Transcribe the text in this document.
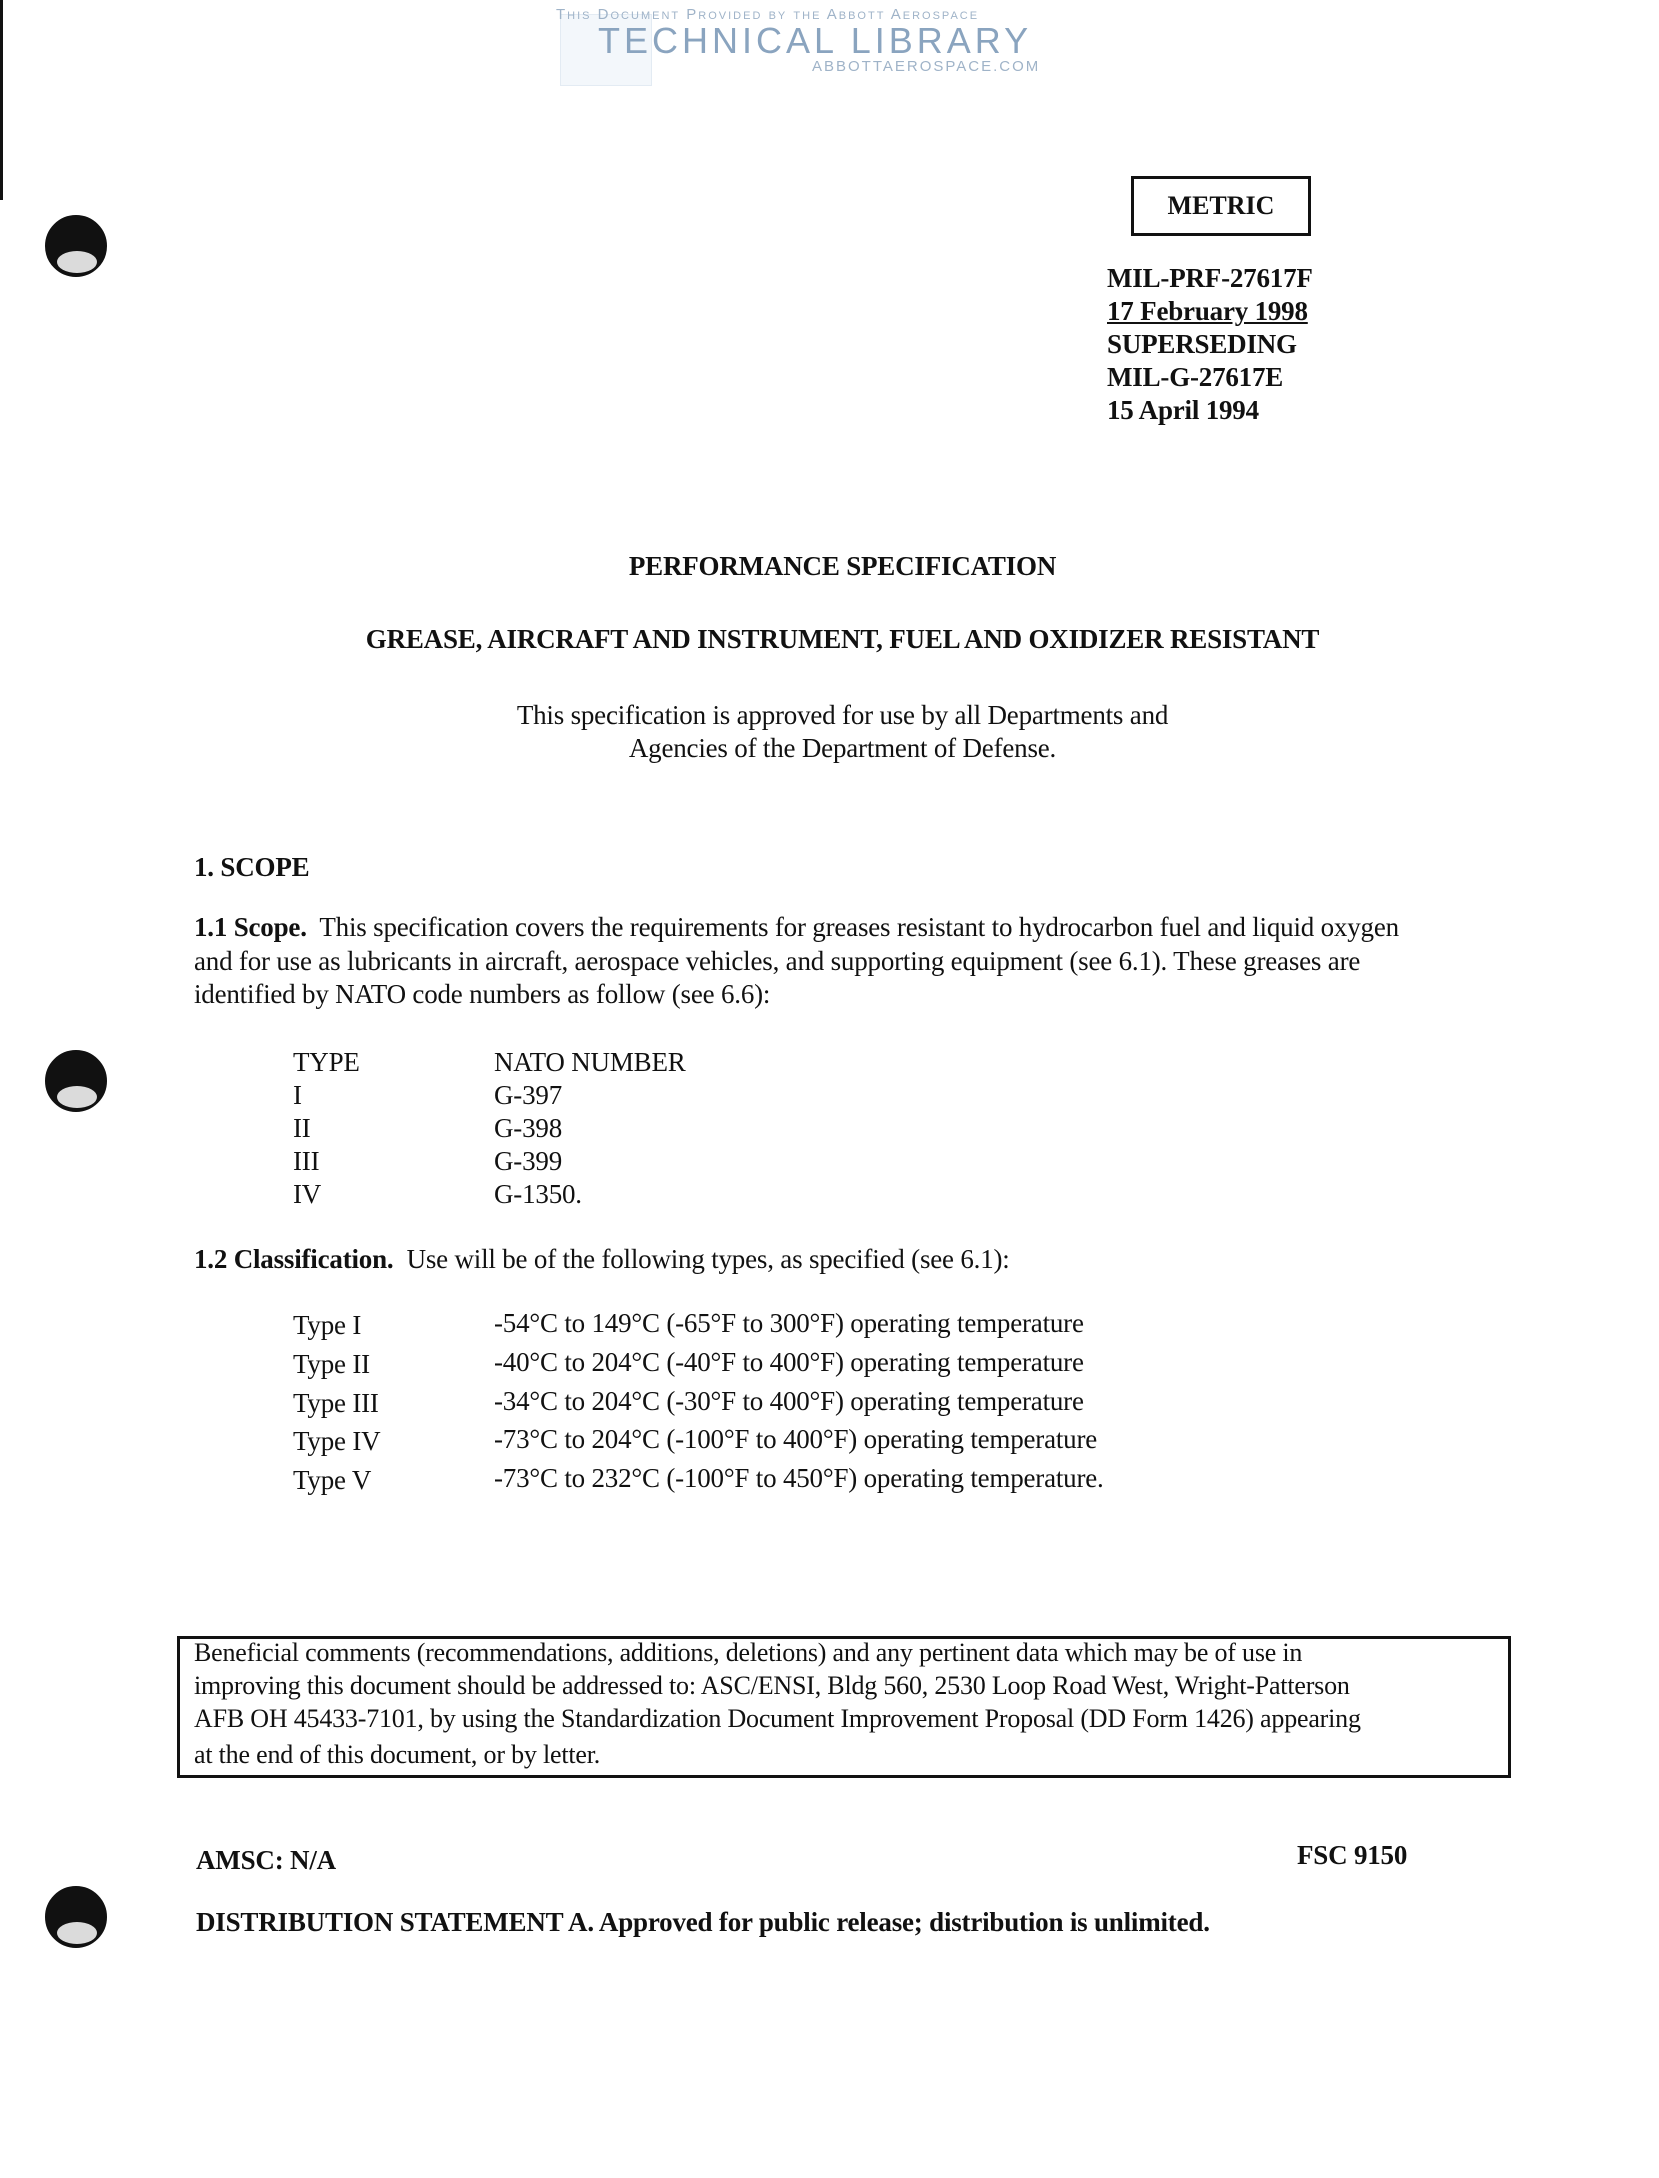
This Document Provided by the Abbott Aerospace
TECHNICAL LIBRARY
ABBOTTAEROSPACE.COM
METRIC
MIL-PRF-27617F
17 February 1998
SUPERSEDING
MIL-G-27617E
15 April 1994
PERFORMANCE SPECIFICATION
GREASE, AIRCRAFT AND INSTRUMENT, FUEL AND OXIDIZER RESISTANT
This specification is approved for use by all Departments and
Agencies of the Department of Defense.
1. SCOPE
1.1 Scope. This specification covers the requirements for greases resistant to hydrocarbon fuel and liquid oxygen
and for use as lubricants in aircraft, aerospace vehicles, and supporting equipment (see 6.1). These greases are
identified by NATO code numbers as follow (see 6.6):
TYPE	NATO NUMBER
I	G-397
II	G-398
III	G-399
IV	G-1350.
1.2 Classification. Use will be of the following types, as specified (see 6.1):
Type I	-54°C to 149°C (-65°F to 300°F) operating temperature
Type II	-40°C to 204°C (-40°F to 400°F) operating temperature
Type III	-34°C to 204°C (-30°F to 400°F) operating temperature
Type IV	-73°C to 204°C (-100°F to 400°F) operating temperature
Type V	-73°C to 232°C (-100°F to 450°F) operating temperature.
Beneficial comments (recommendations, additions, deletions) and any pertinent data which may be of use in
improving this document should be addressed to: ASC/ENSI, Bldg 560, 2530 Loop Road West, Wright-Patterson
AFB OH 45433-7101, by using the Standardization Document Improvement Proposal (DD Form 1426) appearing
at the end of this document, or by letter.
AMSC: N/A	FSC 9150
DISTRIBUTION STATEMENT A. Approved for public release; distribution is unlimited.
